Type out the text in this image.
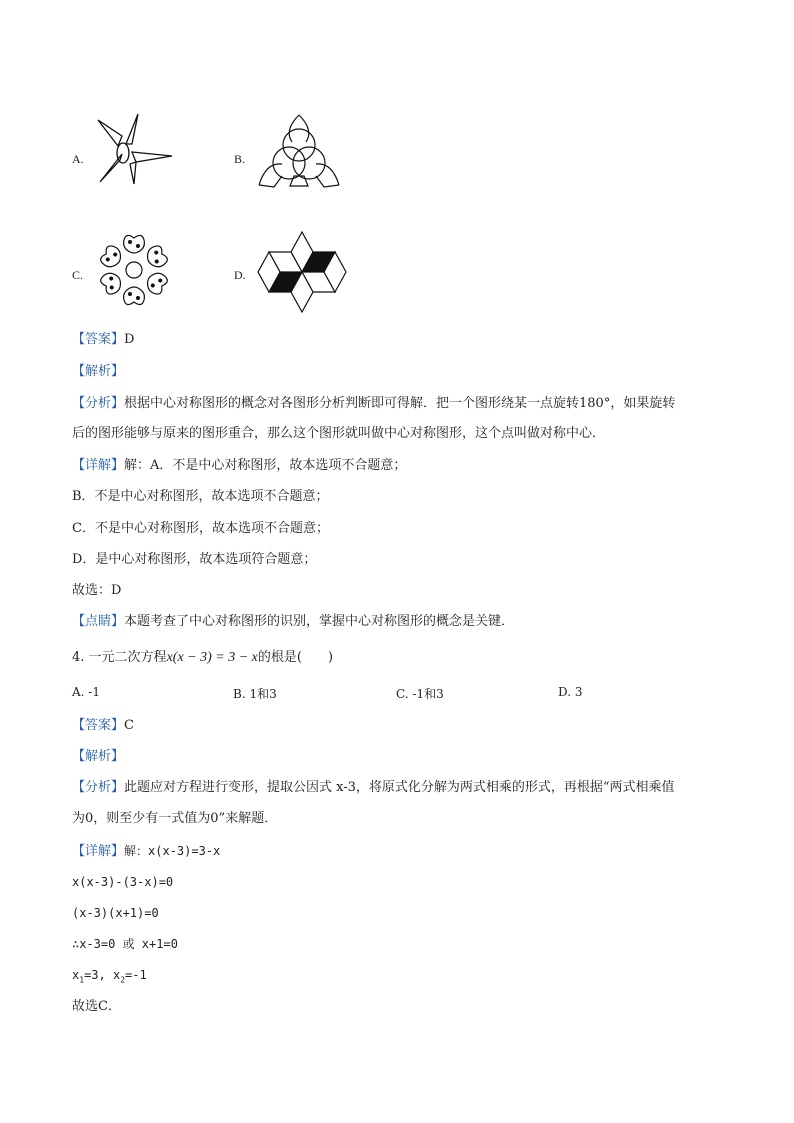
A.	B.
C.	D.
【答案】D
【解析】
【分析】根据中心对称图形的概念对各图形分析判断即可得解．把一个图形绕某一点旋转180°，如果旋转
后的图形能够与原来的图形重合，那么这个图形就叫做中心对称图形，这个点叫做对称中心．
【详解】解：A．不是中心对称图形，故本选项不合题意；
B．不是中心对称图形，故本选项不合题意；
C．不是中心对称图形，故本选项不合题意；
D．是中心对称图形，故本选项符合题意；
故选：D
【点睛】本题考查了中心对称图形的识别，掌握中心对称图形的概念是关键．
4. 一元二次方程x(x − 3) = 3 − x的根是(　　)
A. -1	B. 1和3	C. -1和3	D. 3
【答案】C
【解析】
【分析】此题应对方程进行变形，提取公因式 x-3，将原式化分解为两式相乘的形式，再根据“两式相乘值
为0，则至少有一式值为0”来解题．
【详解】解：x(x-3)=3-x
x(x-3)-(3-x)=0
(x-3)(x+1)=0
∴x-3=0 或 x+1=0
$x_1=3$, $x_2=-1$
故选C．
